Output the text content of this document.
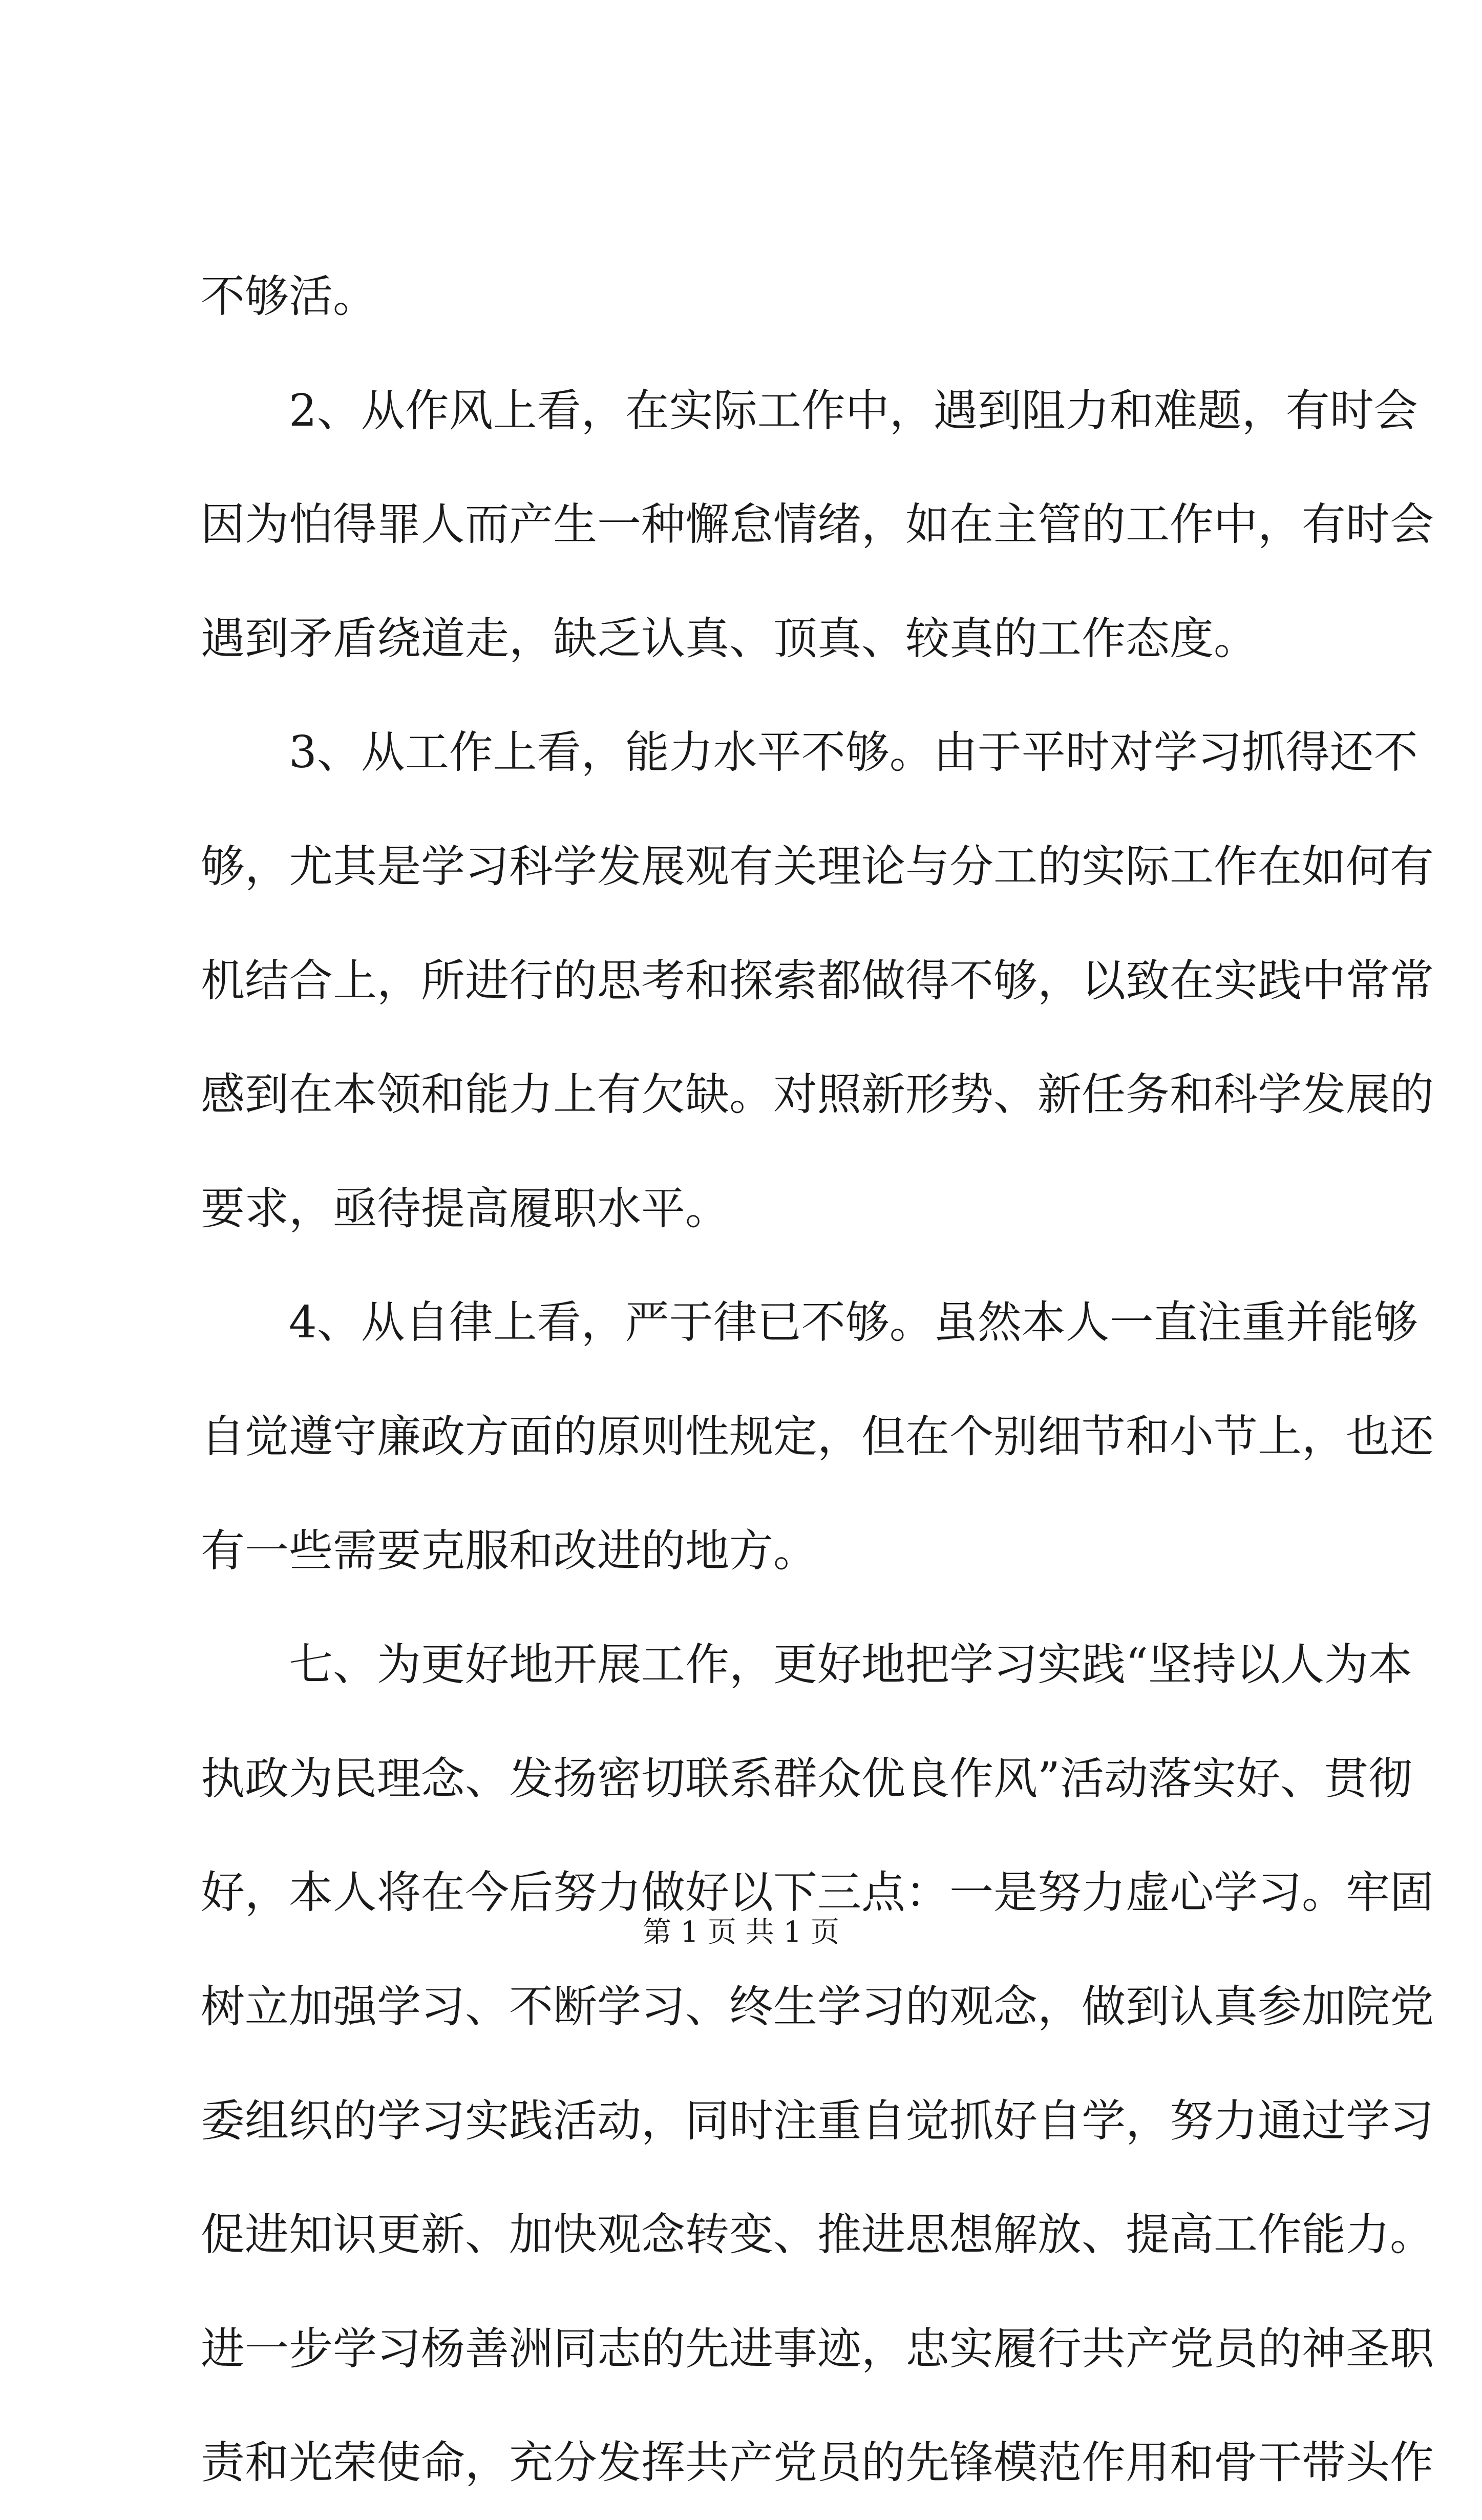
不够活。
2、从作风上看，在实际工作中，遇到阻力和难题，有时会
因为怕得罪人而产生一种懈怠情绪，如在主管的工作中，有时会
遇到矛盾绕道走，缺乏认真、顶真、较真的工作态度。
3、从工作上看，能力水平不够。由于平时对学习抓得还不
够，尤其是学习科学发展观有关理论与分工的实际工作在如何有
机结合上，所进行的思考和探索都做得不够，以致在实践中常常
感到在本领和能力上有欠缺。对照新形势、新任务和科学发展的
要求，亟待提高履职水平。
4、从自律上看，严于律已不够。虽然本人一直注重并能够
自觉遵守廉政方面的原则性规定，但在个别细节和小节上，也还
有一些需要克服和改进的地方。
七、为更好地开展工作，更好地把学习实践“坚持以人为本
执政为民理念、发扬密切联系群众优良作风”活动落实好、贯彻
好，本人将在今后努力做好以下三点：一是努力虚心学习。牢固
树立加强学习、不断学习、终生学习的观念，做到认真参加院党
委组织的学习实践活动，同时注重自觉抓好自学，努力通过学习
促进知识更新、加快观念转变、推进思想解放、提高工作能力。
进一步学习杨善洲同志的先进事迹，忠实履行共产党员的神圣职
责和光荣使命，充分发挥共产党员的先锋模范作用和骨干带头作
第 1 页 共 1 页
